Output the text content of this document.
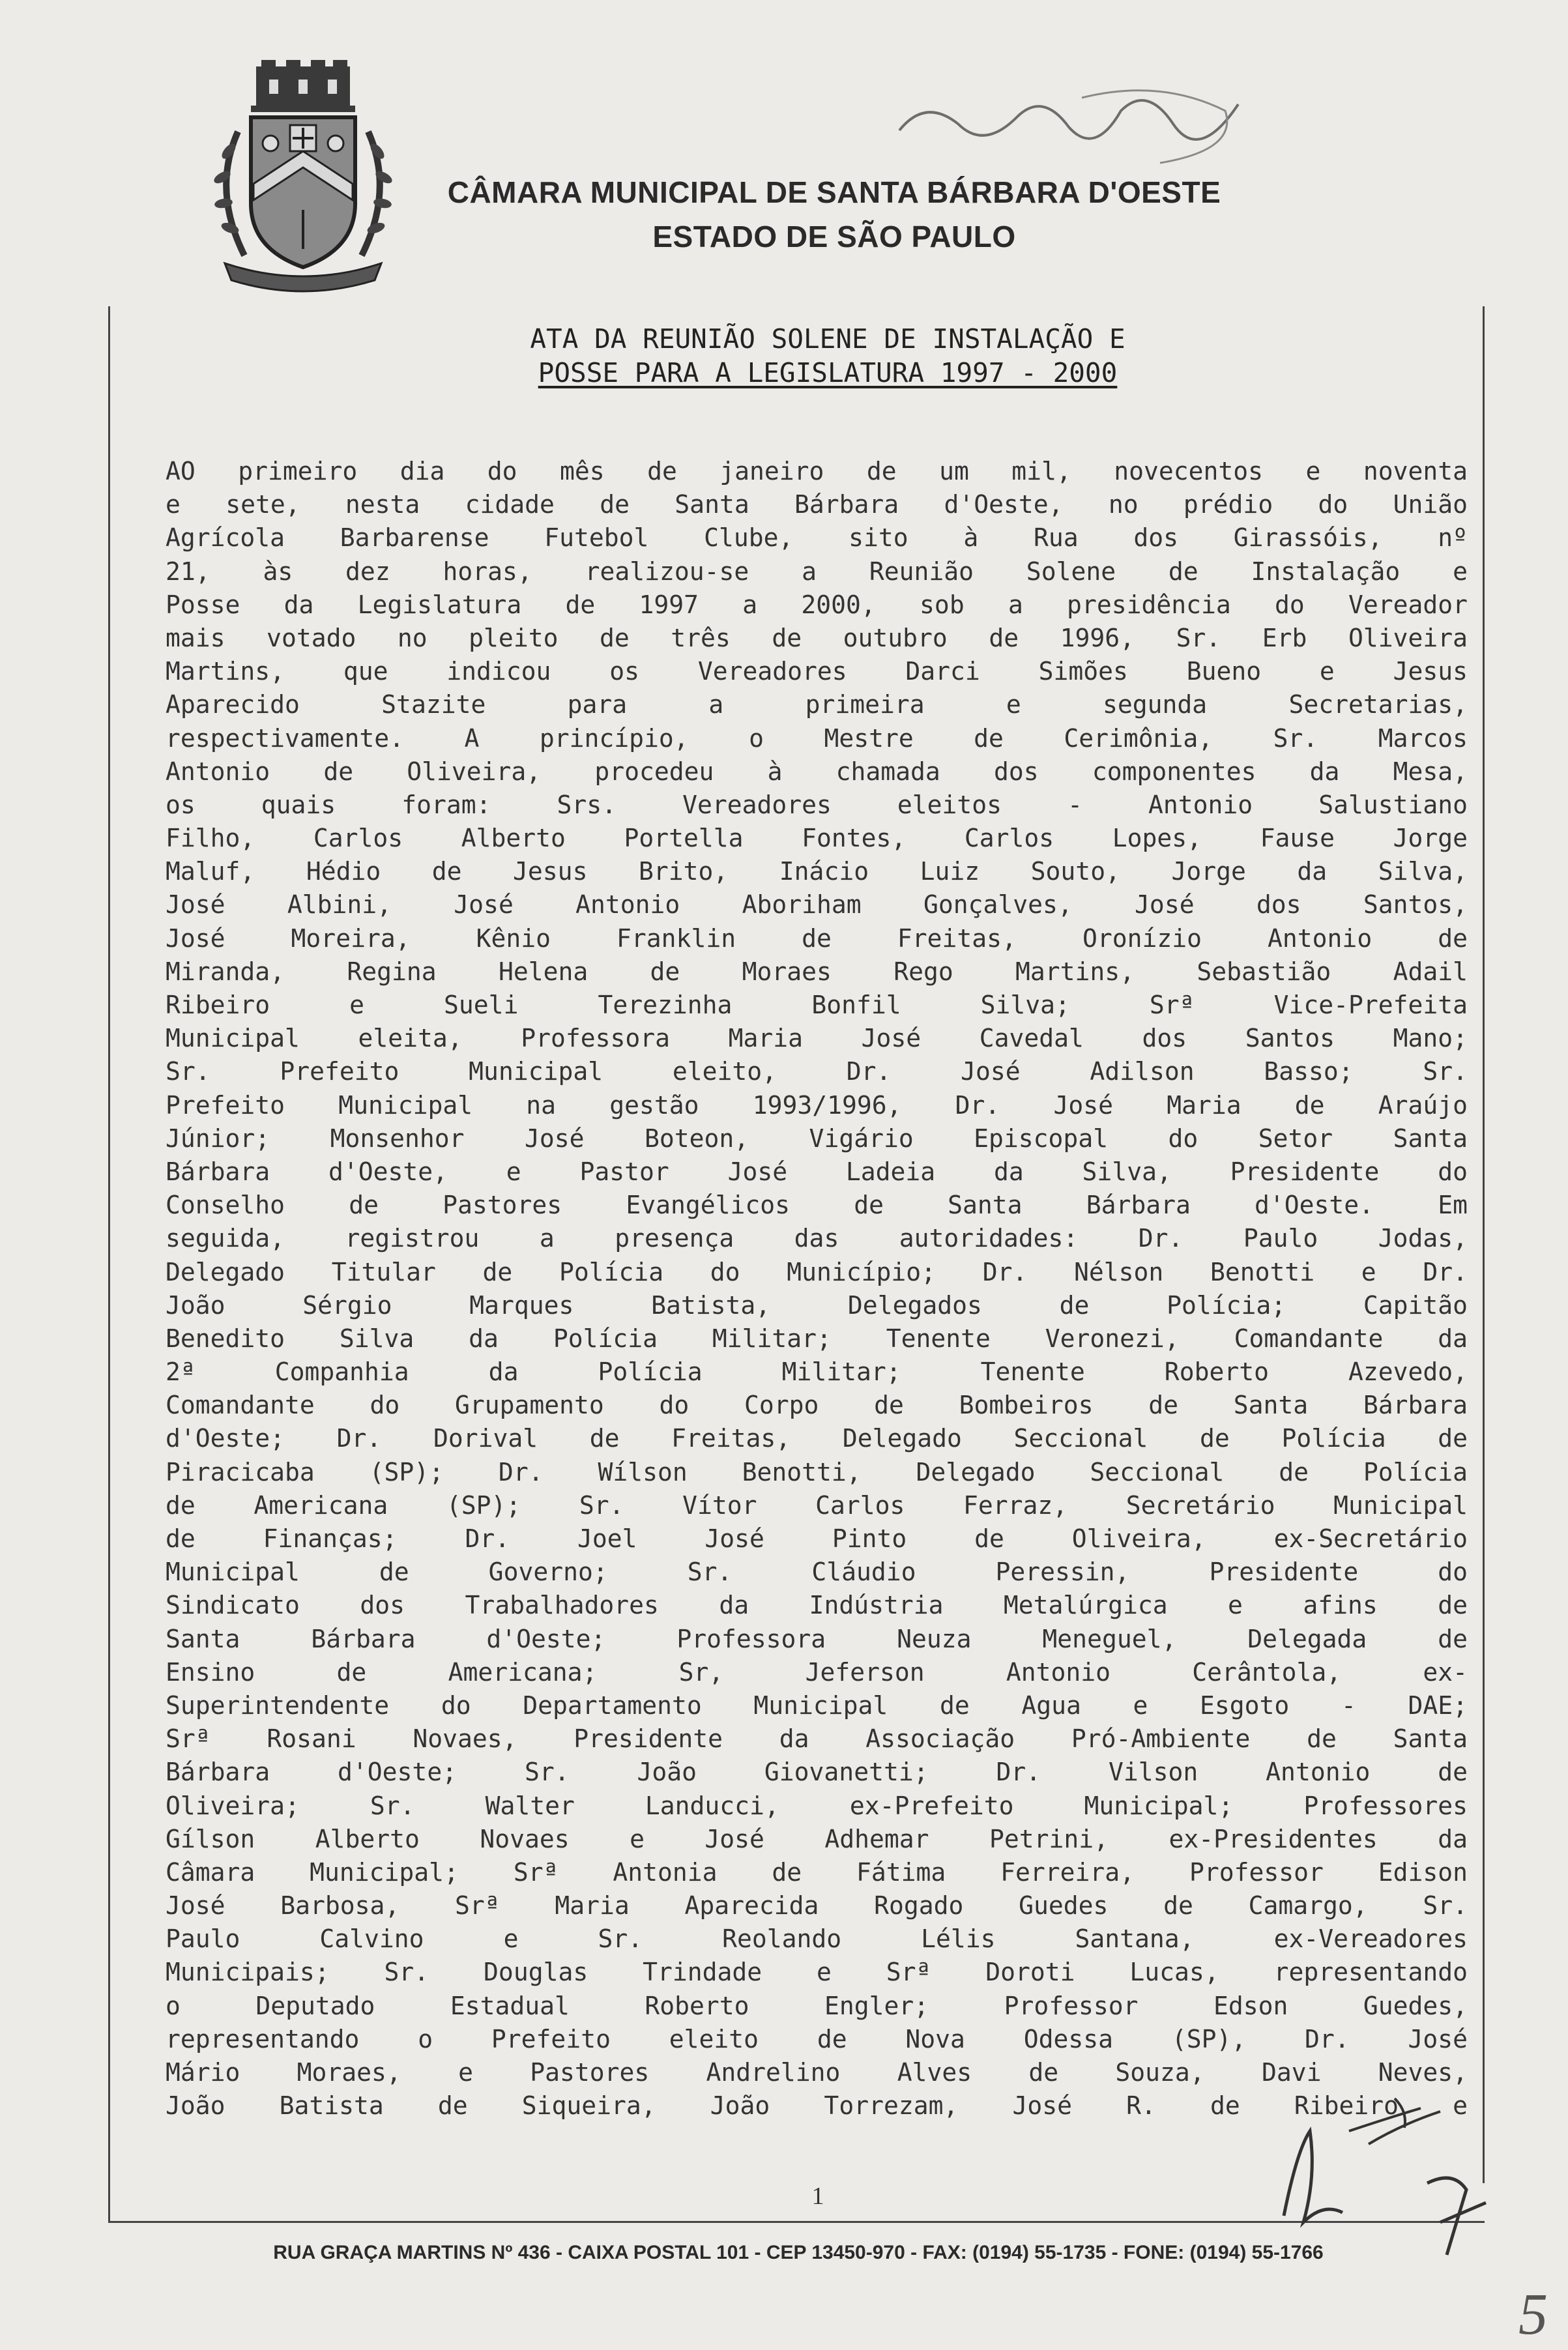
CÂMARA MUNICIPAL DE SANTA BÁRBARA D'OESTE
ESTADO DE SÃO PAULO
ATA DA REUNIÃO SOLENE DE INSTALAÇÃO E
POSSE PARA A LEGISLATURA 1997 - 2000
AO primeiro dia do mês de janeiro de um mil, novecentos e noventa
e sete, nesta cidade de Santa Bárbara d'Oeste, no prédio do União
Agrícola Barbarense Futebol Clube, sito à Rua dos Girassóis, nº
21, às dez horas, realizou-se a Reunião Solene de Instalação e
Posse da Legislatura de 1997 a 2000, sob a presidência do Vereador
mais votado no pleito de três de outubro de 1996, Sr. Erb Oliveira
Martins, que indicou os Vereadores Darci Simões Bueno e Jesus
Aparecido Stazite para a primeira e segunda Secretarias,
respectivamente. A princípio, o Mestre de Cerimônia, Sr. Marcos
Antonio de Oliveira, procedeu à chamada dos componentes da Mesa,
os quais foram: Srs. Vereadores eleitos - Antonio Salustiano
Filho, Carlos Alberto Portella Fontes, Carlos Lopes, Fause Jorge
Maluf, Hédio de Jesus Brito, Inácio Luiz Souto, Jorge da Silva,
José Albini, José Antonio Aboriham Gonçalves, José dos Santos,
José Moreira, Kênio Franklin de Freitas, Oronízio Antonio de
Miranda, Regina Helena de Moraes Rego Martins, Sebastião Adail
Ribeiro e Sueli Terezinha Bonfil Silva; Srª Vice-Prefeita
Municipal eleita, Professora Maria José Cavedal dos Santos Mano;
Sr. Prefeito Municipal eleito, Dr. José Adilson Basso; Sr.
Prefeito Municipal na gestão 1993/1996, Dr. José Maria de Araújo
Júnior; Monsenhor José Boteon, Vigário Episcopal do Setor Santa
Bárbara d'Oeste, e Pastor José Ladeia da Silva, Presidente do
Conselho de Pastores Evangélicos de Santa Bárbara d'Oeste. Em
seguida, registrou a presença das autoridades: Dr. Paulo Jodas,
Delegado Titular de Polícia do Município; Dr. Nélson Benotti e Dr.
João Sérgio Marques Batista, Delegados de Polícia; Capitão
Benedito Silva da Polícia Militar; Tenente Veronezi, Comandante da
2ª Companhia da Polícia Militar; Tenente Roberto Azevedo,
Comandante do Grupamento do Corpo de Bombeiros de Santa Bárbara
d'Oeste; Dr. Dorival de Freitas, Delegado Seccional de Polícia de
Piracicaba (SP); Dr. Wílson Benotti, Delegado Seccional de Polícia
de Americana (SP); Sr. Vítor Carlos Ferraz, Secretário Municipal
de Finanças; Dr. Joel José Pinto de Oliveira, ex-Secretário
Municipal de Governo; Sr. Cláudio Peressin, Presidente do
Sindicato dos Trabalhadores da Indústria Metalúrgica e afins de
Santa Bárbara d'Oeste; Professora Neuza Meneguel, Delegada de
Ensino de Americana; Sr, Jeferson Antonio Cerântola, ex-
Superintendente do Departamento Municipal de Agua e Esgoto - DAE;
Srª Rosani Novaes, Presidente da Associação Pró-Ambiente de Santa
Bárbara d'Oeste; Sr. João Giovanetti; Dr. Vilson Antonio de
Oliveira; Sr. Walter Landucci, ex-Prefeito Municipal; Professores
Gílson Alberto Novaes e José Adhemar Petrini, ex-Presidentes da
Câmara Municipal; Srª Antonia de Fátima Ferreira, Professor Edison
José Barbosa, Srª Maria Aparecida Rogado Guedes de Camargo, Sr.
Paulo Calvino e Sr. Reolando Lélis Santana, ex-Vereadores
Municipais; Sr. Douglas Trindade e Srª Doroti Lucas, representando
o Deputado Estadual Roberto Engler; Professor Edson Guedes,
representando o Prefeito eleito de Nova Odessa (SP), Dr. José
Mário Moraes, e Pastores Andrelino Alves de Souza, Davi Neves,
João Batista de Siqueira, João Torrezam, José R. de Ribeiro e
1
RUA GRAÇA MARTINS Nº 436 - CAIXA POSTAL 101 - CEP 13450-970 - FAX: (0194) 55-1735 - FONE: (0194) 55-1766
5
